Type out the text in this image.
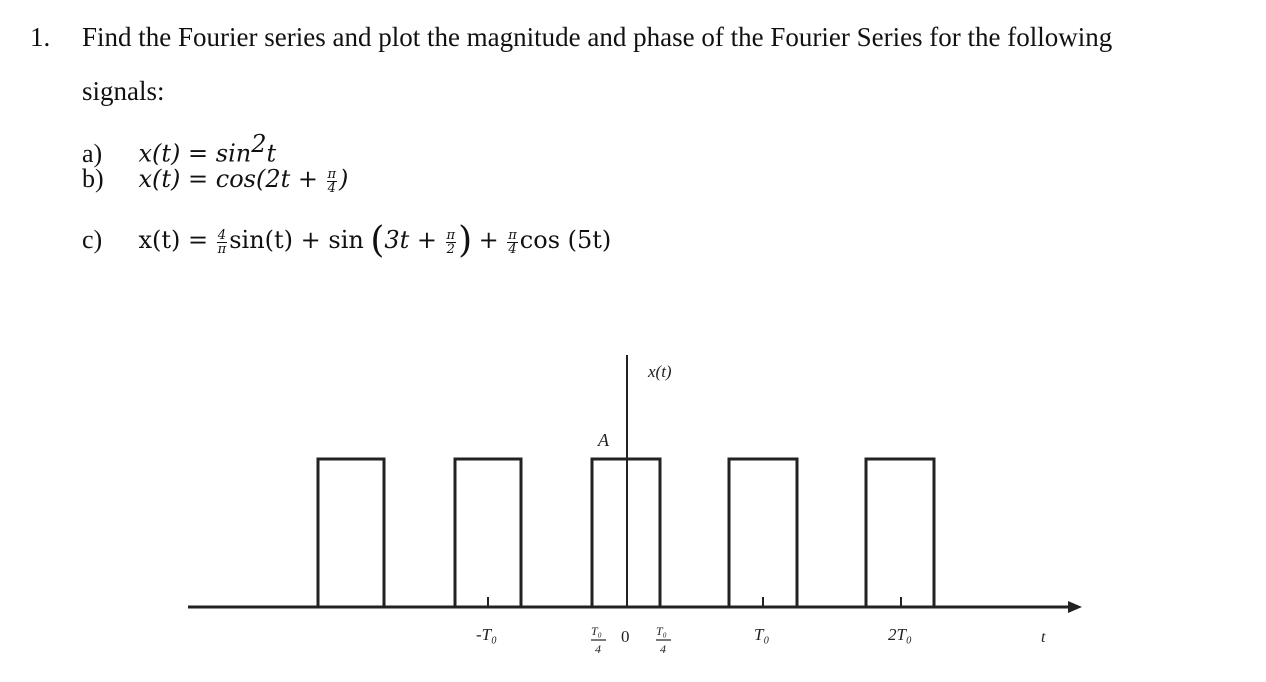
1. Find the Fourier series and plot the magnitude and phase of the Fourier Series for the following
signals:
a) $x(t) = \sin^2t$
b) $x(t) = \cos(2t + \frac{\pi}{4}$ )
c) $x(t) = \frac{4}{\pi} \sin(t) + \sin (3t + \frac{\pi}{2}$ ) + $\frac{\pi}{4}$ cos (5t)
x(t)
A
-T₀	T₀
4
0 T₀
4
T₀	2T₀	t
